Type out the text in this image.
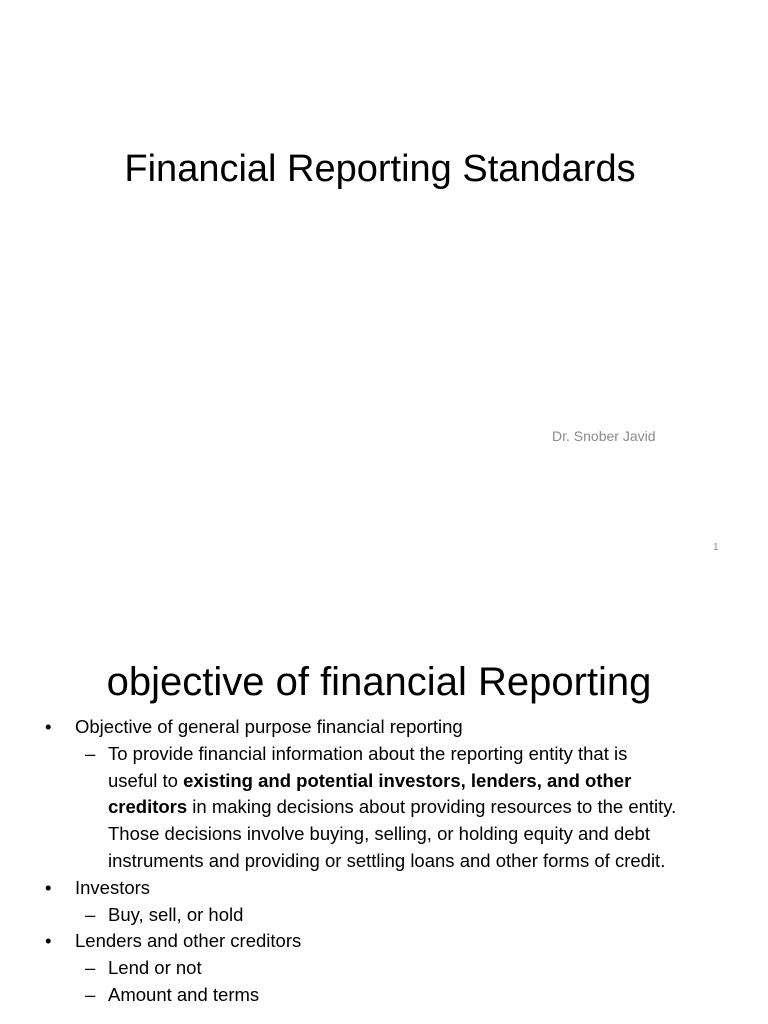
Financial Reporting Standards
Dr. Snober Javid
1
objective of financial Reporting
• Objective of general purpose financial reporting
– To provide financial information about the reporting entity that is
useful to existing and potential investors, lenders, and other
creditors in making decisions about providing resources to the entity.
Those decisions involve buying, selling, or holding equity and debt
instruments and providing or settling loans and other forms of credit.
• Investors
– Buy, sell, or hold
• Lenders and other creditors
– Lend or not
– Amount and terms
